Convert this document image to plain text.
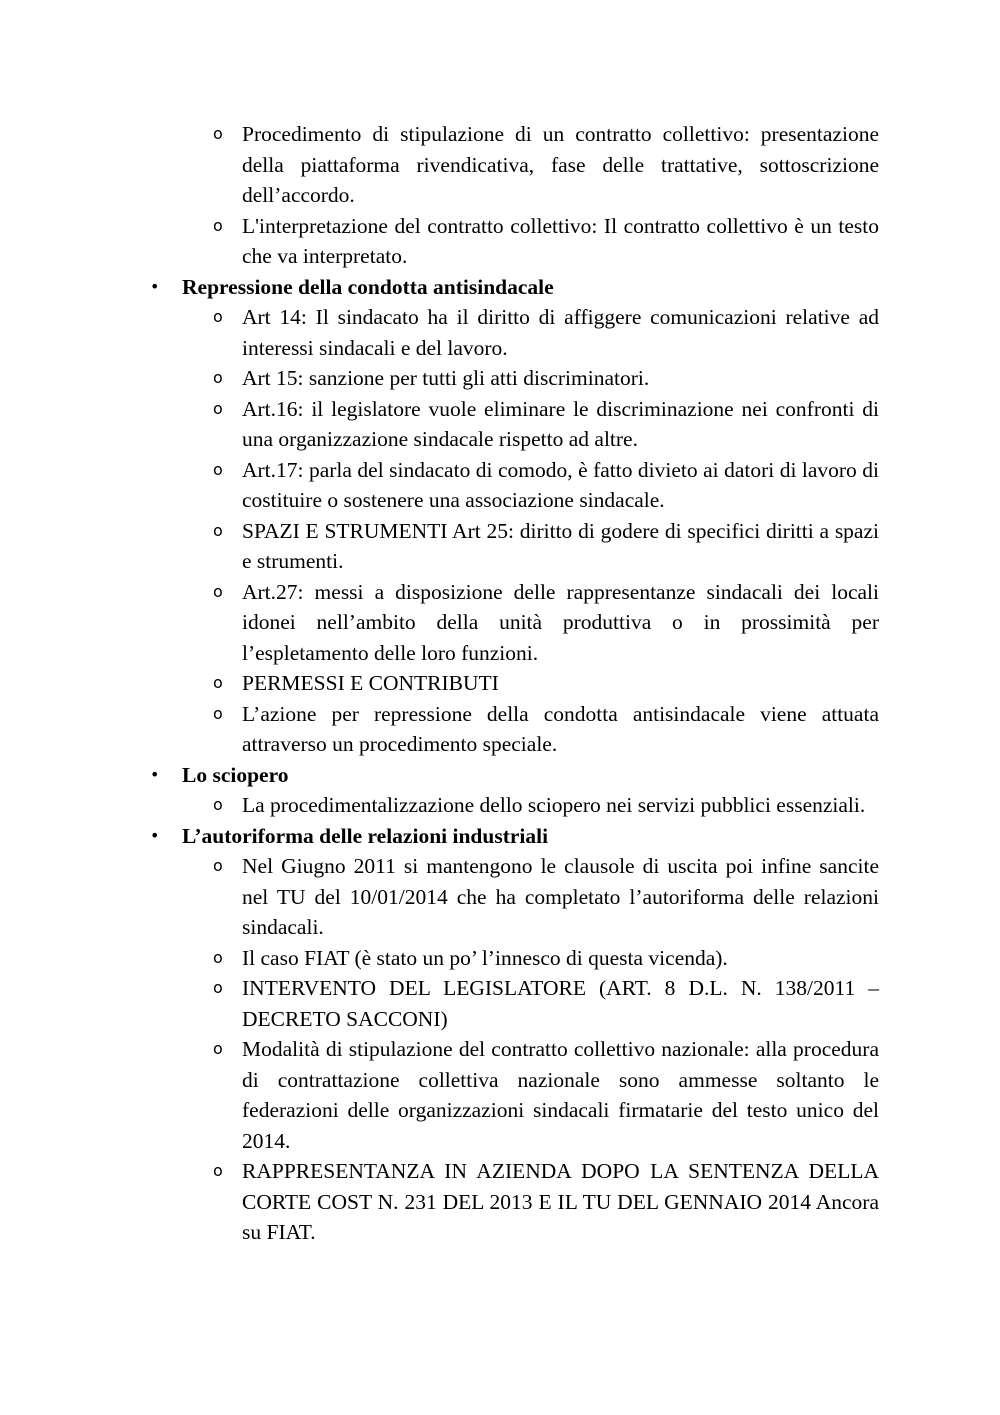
o Procedimento di stipulazione di un contratto collettivo: presentazione della piattaforma rivendicativa, fase delle trattative, sottoscrizione dell’accordo.
o L'interpretazione del contratto collettivo: Il contratto collettivo è un testo che va interpretato.
•	Repressione della condotta antisindacale
o Art 14: Il sindacato ha il diritto di affiggere comunicazioni relative ad interessi sindacali e del lavoro.
o Art 15: sanzione per tutti gli atti discriminatori.
o Art.16: il legislatore vuole eliminare le discriminazione nei confronti di una organizzazione sindacale rispetto ad altre.
o Art.17: parla del sindacato di comodo, è fatto divieto ai datori di lavoro di costituire o sostenere una associazione sindacale.
o SPAZI E STRUMENTI Art 25: diritto di godere di specifici diritti a spazi e strumenti.
o Art.27: messi a disposizione delle rappresentanze sindacali dei locali idonei nell’ambito della unità produttiva o in prossimità per l’espletamento delle loro funzioni.
o PERMESSI E CONTRIBUTI
o L’azione per repressione della condotta antisindacale viene attuata attraverso un procedimento speciale.
•	Lo sciopero
o La procedimentalizzazione dello sciopero nei servizi pubblici essenziali.
•	L’autoriforma delle relazioni industriali
o Nel Giugno 2011 si mantengono le clausole di uscita poi infine sancite nel TU del 10/01/2014 che ha completato l’autoriforma delle relazioni sindacali.
o Il caso FIAT (è stato un po’ l’innesco di questa vicenda).
o INTERVENTO DEL LEGISLATORE (ART. 8 D.L. N. 138/2011 – DECRETO SACCONI)
o Modalità di stipulazione del contratto collettivo nazionale: alla procedura di contrattazione collettiva nazionale sono ammesse soltanto le federazioni delle organizzazioni sindacali firmatarie del testo unico del 2014.
o RAPPRESENTANZA IN AZIENDA DOPO LA SENTENZA DELLA CORTE COST N. 231 DEL 2013 E IL TU DEL GENNAIO 2014 Ancora su FIAT.
